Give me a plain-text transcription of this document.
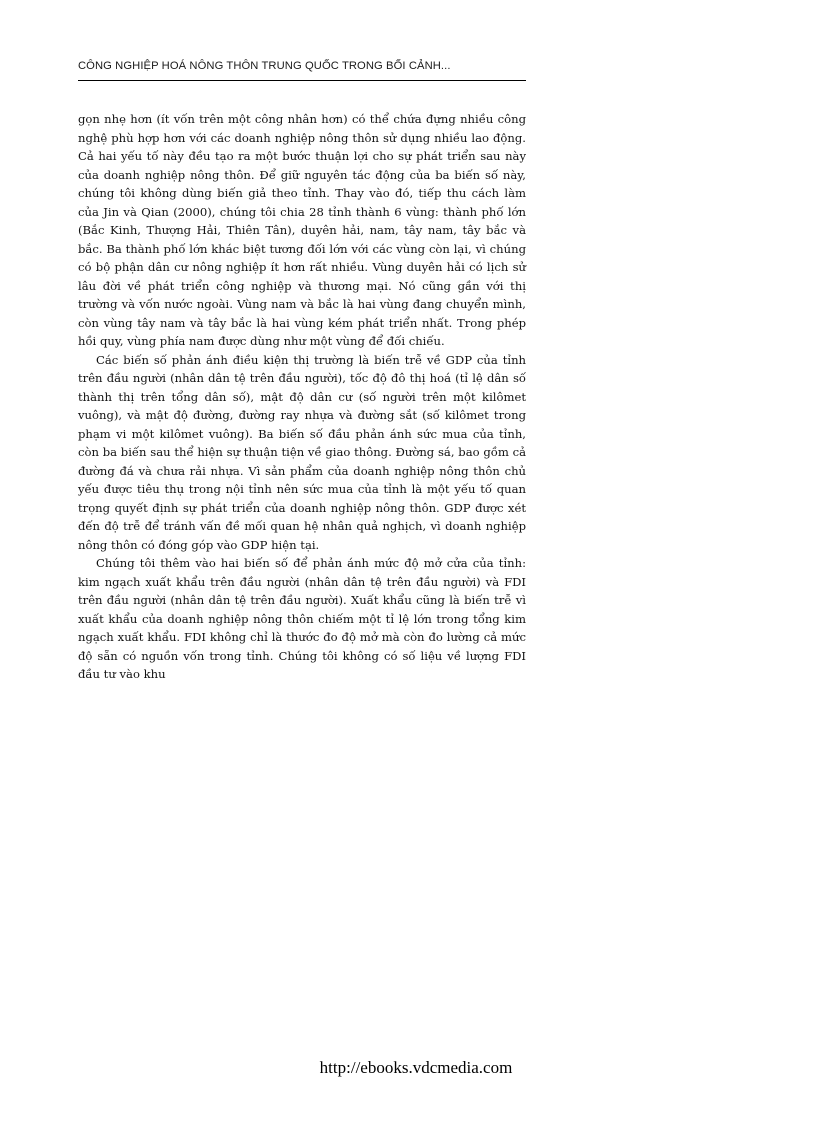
CÔNG NGHIỆP HOÁ NÔNG THÔN TRUNG QUỐC TRONG BỐI CẢNH...

gọn nhẹ hơn (ít vốn trên một công nhân hơn) có thể chứa đựng nhiều công nghệ phù hợp hơn với các doanh nghiệp nông thôn sử dụng nhiều lao động. Cả hai yếu tố này đều tạo ra một bước thuận lợi cho sự phát triển sau này của doanh nghiệp nông thôn. Để giữ nguyên tác động của ba biến số này, chúng tôi không dùng biến giả theo tỉnh. Thay vào đó, tiếp thu cách làm của Jin và Qian (2000), chúng tôi chia 28 tỉnh thành 6 vùng: thành phố lớn (Bắc Kinh, Thượng Hải, Thiên Tân), duyên hải, nam, tây nam, tây bắc và bắc. Ba thành phố lớn khác biệt tương đối lớn với các vùng còn lại, vì chúng có bộ phận dân cư nông nghiệp ít hơn rất nhiều. Vùng duyên hải có lịch sử lâu đời về phát triển công nghiệp và thương mại. Nó cũng gần với thị trường và vốn nước ngoài. Vùng nam và bắc là hai vùng đang chuyển mình, còn vùng tây nam và tây bắc là hai vùng kém phát triển nhất. Trong phép hồi quy, vùng phía nam được dùng như một vùng để đối chiếu.

Các biến số phản ánh điều kiện thị trường là biến trễ về GDP của tỉnh trên đầu người (nhân dân tệ trên đầu người), tốc độ đô thị hoá (tỉ lệ dân số thành thị trên tổng dân số), mật độ dân cư (số người trên một kilômet vuông), và mật độ đường, đường ray nhựa và đường sắt (số kilômet trong phạm vi một kilômet vuông). Ba biến số đầu phản ánh sức mua của tỉnh, còn ba biến sau thể hiện sự thuận tiện về giao thông. Đường sá, bao gồm cả đường đá và chưa rải nhựa. Vì sản phẩm của doanh nghiệp nông thôn chủ yếu được tiêu thụ trong nội tỉnh nên sức mua của tỉnh là một yếu tố quan trọng quyết định sự phát triển của doanh nghiệp nông thôn. GDP được xét đến độ trễ để tránh vấn đề mối quan hệ nhân quả nghịch, vì doanh nghiệp nông thôn có đóng góp vào GDP hiện tại.

Chúng tôi thêm vào hai biến số để phản ánh mức độ mở cửa của tỉnh: kim ngạch xuất khẩu trên đầu người (nhân dân tệ trên đầu người) và FDI trên đầu người (nhân dân tệ trên đầu người). Xuất khẩu cũng là biến trễ vì xuất khẩu của doanh nghiệp nông thôn chiếm một tỉ lệ lớn trong tổng kim ngạch xuất khẩu. FDI không chỉ là thước đo độ mở mà còn đo lường cả mức độ sẵn có nguồn vốn trong tỉnh. Chúng tôi không có số liệu về lượng FDI đầu tư vào khu

http://ebooks.vdcmedia.com
